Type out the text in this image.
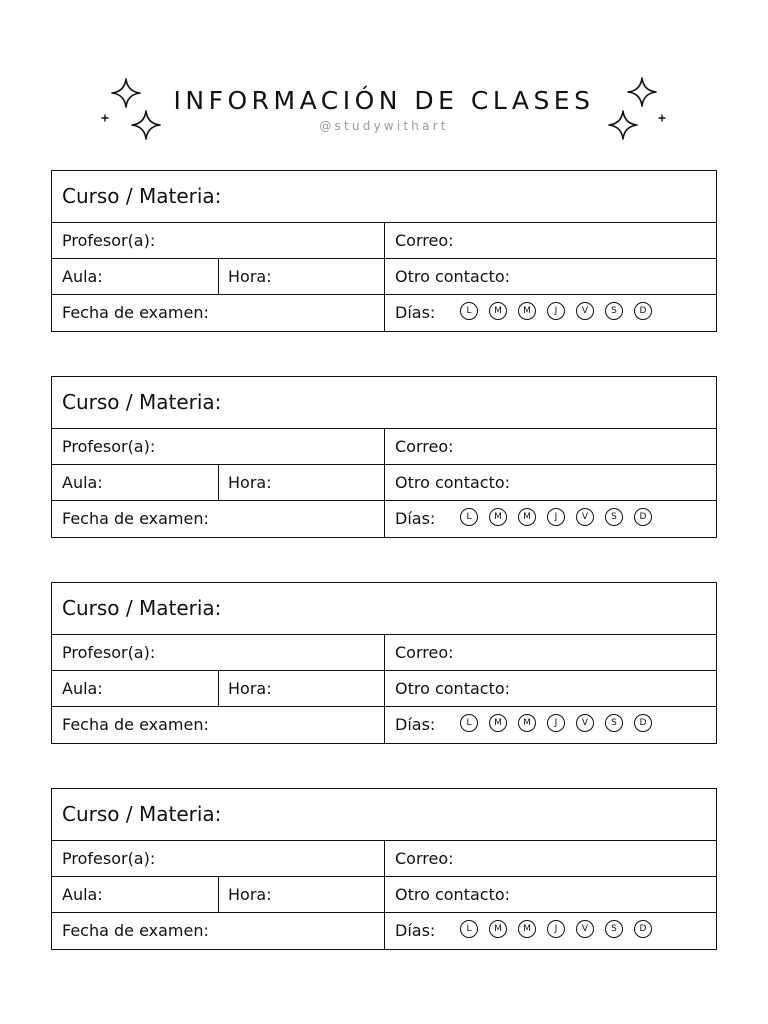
INFORMACIÓN DE CLASES
@studywithart
Curso / Materia:
Profesor(a):	Correo:
Aula:	Hora:	Otro contacto:
Fecha de examen:	Días:	L	M	M	J	V	S	D
Curso / Materia:
Profesor(a):	Correo:
Aula:	Hora:	Otro contacto:
Fecha de examen:	Días:	L	M	M	J	V	S	D
Curso / Materia:
Profesor(a):	Correo:
Aula:	Hora:	Otro contacto:
Fecha de examen:	Días:	L	M	M	J	V	S	D
Curso / Materia:
Profesor(a):	Correo:
Aula:	Hora:	Otro contacto:
Fecha de examen:	Días:	L	M	M	J	V	S	D
